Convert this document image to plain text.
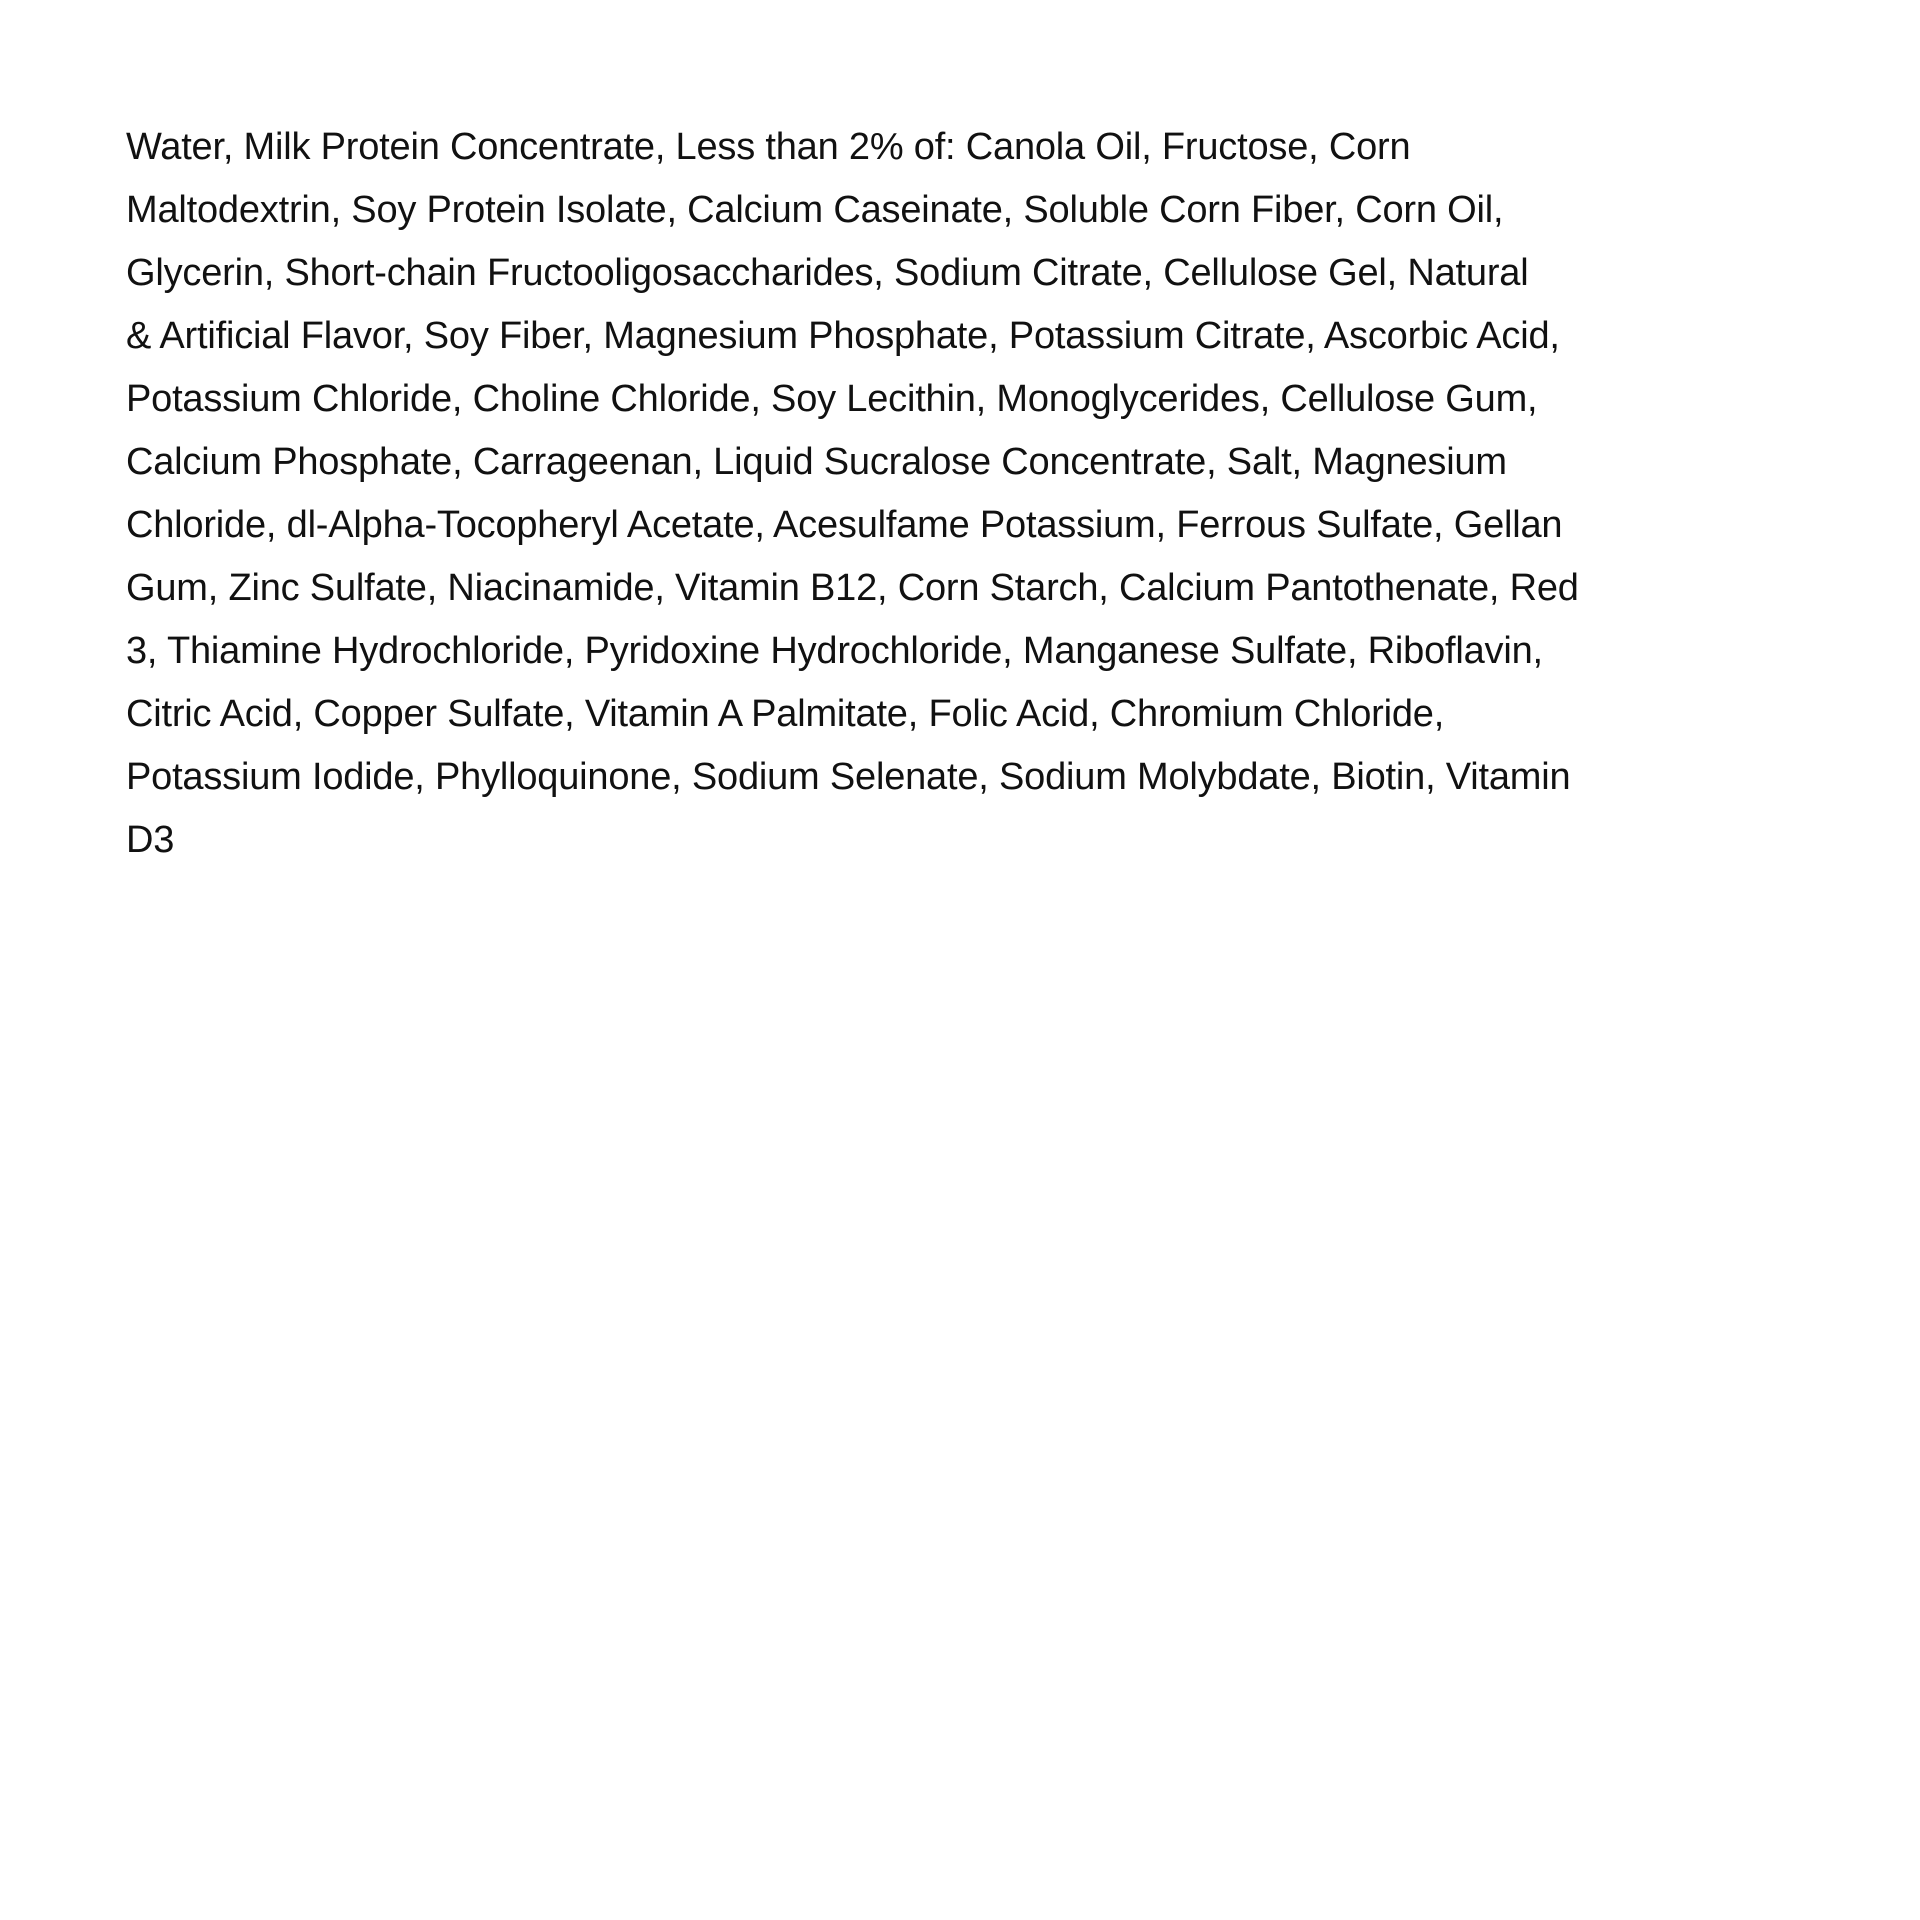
Water, Milk Protein Concentrate, Less than 2% of: Canola Oil, Fructose, Corn
Maltodextrin, Soy Protein Isolate, Calcium Caseinate, Soluble Corn Fiber, Corn Oil,
Glycerin, Short-chain Fructooligosaccharides, Sodium Citrate, Cellulose Gel, Natural
& Artificial Flavor, Soy Fiber, Magnesium Phosphate, Potassium Citrate, Ascorbic Acid,
Potassium Chloride, Choline Chloride, Soy Lecithin, Monoglycerides, Cellulose Gum,
Calcium Phosphate, Carrageenan, Liquid Sucralose Concentrate, Salt, Magnesium
Chloride, dl-Alpha-Tocopheryl Acetate, Acesulfame Potassium, Ferrous Sulfate, Gellan
Gum, Zinc Sulfate, Niacinamide, Vitamin B12, Corn Starch, Calcium Pantothenate, Red
3, Thiamine Hydrochloride, Pyridoxine Hydrochloride, Manganese Sulfate, Riboflavin,
Citric Acid, Copper Sulfate, Vitamin A Palmitate, Folic Acid, Chromium Chloride,
Potassium Iodide, Phylloquinone, Sodium Selenate, Sodium Molybdate, Biotin, Vitamin
D3
